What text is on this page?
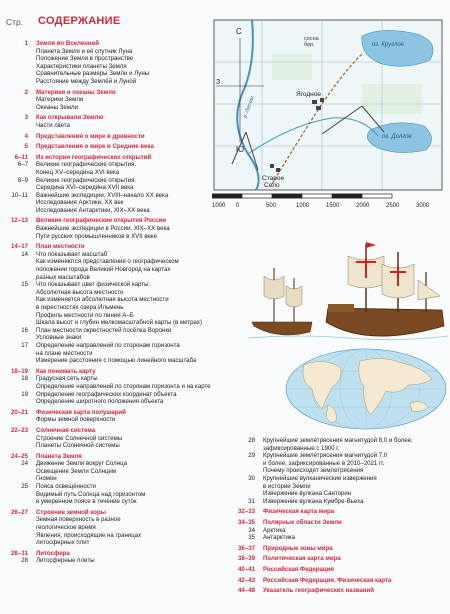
Стр. СОДЕРЖАНИЕ
1 Земля во Вселенной
Планета Земля и её спутник Луна
Положение Земли в пространстве
Характеристики планеты Земля
Сравнительные размеры Земли и Луны
Расстояние между Землёй и Луной
2 Материки и океаны Земли
Материки Земли
Океаны Земли
3 Как открывали Землю
Части света
4 Представления о мире в древности
5 Представления о мире в Средние века
6–11 Из истории географических открытий
6–7 Великие географические открытия.
Конец XV–середина XVI века
8–9 Великие географические открытия.
Середина XVI–середина XVII века
10–11 Важнейшие экспедиции. XVIII–начало XX века
Исследования Арктики, XX век
Исследования Антарктики, XIX–XX века
12–13 Великие географические открытия России
Важнейшие экспедиции в России. XIX–XX века
Пути русских промышленников в XVII веке
14–17 План местности
14 Что показывает масштаб
Как изменяются представления о географическом
положении города Великий Новгород на картах
разных масштабов
15 Что показывает цвет физической карты.
Абсолютная высота местности
Как изменяется абсолютная высота местности
в окрестностях озера Ильмень
Профиль местности по линии А–Б
Шкала высот и глубин мелкомасштабной карты (в метрах)
16 План местности окрестностей посёлка Воронки
Условные знаки
17 Определение направлений по сторонам горизонта
на плане местности
Измерение расстояния с помощью линейного масштаба
18–19 Как понимать карту
18 Градусная сеть карты
Определение направлений по сторонам горизонта и на карте
19 Определение географических координат объекта
Определение широтного положения объекта
20–21 Физическая карта полушарий
Формы земной поверхности
22–23 Солнечная система
Строение Солнечной системы
Планеты Солнечной системы
24–25 Планета Земля
24 Движение Земли вокруг Солнца
Освещение Земли Солнцем
Гномон
25 Пояса освещённости
Видимый путь Солнца над горизонтом
в умеренном поясе в течение суток
26–27 Строение земной коры
Земная поверхность в разное
геологическое время
Явления, происходящие на границах
литосферных плит
28–31 Литосфера
28 Литосферные плиты
28 Крупнейшие землетрясения магнитудой 8,0 и более,
зафиксированные с 1900 г.
29 Крупнейшие землетрясения магнитудой 7,0
и более, зафиксированные в 2010–2021 гг.
Почему происходят землетрясения
30 Крупнейшие вулканические извержения
в истории Земли
Извержение вулкана Санторин
31 Извержение вулкана Кумбре-Вьеха
32–33 Физическая карта мира
34–35 Полярные области Земли
34 Арктика
35 Антарктика
36–37 Природные зоны мира
38–39 Политическая карта мира
40–41 Российская Федерация
42–43 Российская Федерация. Физическая карта
44–48 Указатель географических названий
С
Ю
З
сосна
бер.	оз. Круглое
оз. Долгое
Ягодное
Старое
Село
р. Лесная
1000 0	500	1000	1500	2000	2500	3000
